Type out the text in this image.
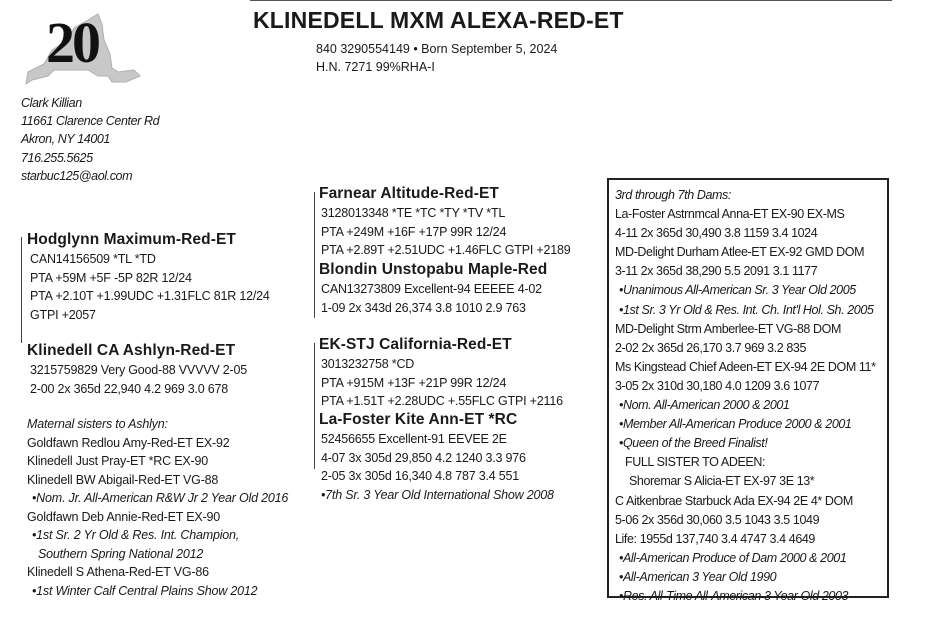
20	KLINEDELL MXM ALEXA-RED-ET
840 3290554149 • Born September 5, 2024
H.N. 7271 99%RHA-I
Clark Killian
11661 Clarence Center Rd
Akron, NY 14001
716.255.5625
starbuc125@aol.com
Hodglynn Maximum-Red-ET
CAN14156509 *TL *TD
PTA +59M +5F -5P 82R 12/24
PTA +2.10T +1.99UDC +1.31FLC 81R 12/24
GTPI +2057
Klinedell CA Ashlyn-Red-ET
3215759829 Very Good-88 VVVVV 2-05
2-00 2x 365d 22,940 4.2 969 3.0 678
Maternal sisters to Ashlyn:
Goldfawn Redlou Amy-Red-ET EX-92
Klinedell Just Pray-ET *RC EX-90
Klinedell BW Abigail-Red-ET VG-88
•Nom. Jr. All-American R&W Jr 2 Year Old 2016
Goldfawn Deb Annie-Red-ET EX-90
•1st Sr. 2 Yr Old & Res. Int. Champion,
Southern Spring National 2012
Klinedell S Athena-Red-ET VG-86
•1st Winter Calf Central Plains Show 2012
Farnear Altitude-Red-ET
3128013348 *TE *TC *TY *TV *TL
PTA +249M +16F +17P 99R 12/24
PTA +2.89T +2.51UDC +1.46FLC GTPI +2189
Blondin Unstopabu Maple-Red
CAN13273809 Excellent-94 EEEEE 4-02
1-09 2x 343d 26,374 3.8 1010 2.9 763
EK-STJ California-Red-ET
3013232758 *CD
PTA +915M +13F +21P 99R 12/24
PTA +1.51T +2.28UDC +.55FLC GTPI +2116
La-Foster Kite Ann-ET *RC
52456655 Excellent-91 EEVEE 2E
4-07 3x 305d 29,850 4.2 1240 3.3 976
2-05 3x 305d 16,340 4.8 787 3.4 551
•7th Sr. 3 Year Old International Show 2008
3rd through 7th Dams:
La-Foster Astrnmcal Anna-ET EX-90 EX-MS
4-11 2x 365d 30,490 3.8 1159 3.4 1024
MD-Delight Durham Atlee-ET EX-92 GMD DOM
3-11 2x 365d 38,290 5.5 2091 3.1 1177
•Unanimous All-American Sr. 3 Year Old 2005
•1st Sr. 3 Yr Old & Res. Int. Ch. Int'l Hol. Sh. 2005
MD-Delight Strm Amberlee-ET VG-88 DOM
2-02 2x 365d 26,170 3.7 969 3.2 835
Ms Kingstead Chief Adeen-ET EX-94 2E DOM 11*
3-05 2x 310d 30,180 4.0 1209 3.6 1077
•Nom. All-American 2000 & 2001
•Member All-American Produce 2000 & 2001
•Queen of the Breed Finalist!
FULL SISTER TO ADEEN:
Shoremar S Alicia-ET EX-97 3E 13*
C Aitkenbrae Starbuck Ada EX-94 2E 4* DOM
5-06 2x 356d 30,060 3.5 1043 3.5 1049
Life: 1955d 137,740 3.4 4747 3.4 4649
•All-American Produce of Dam 2000 & 2001
•All-American 3 Year Old 1990
•Res. All-Time All-American 3 Year Old 2003
